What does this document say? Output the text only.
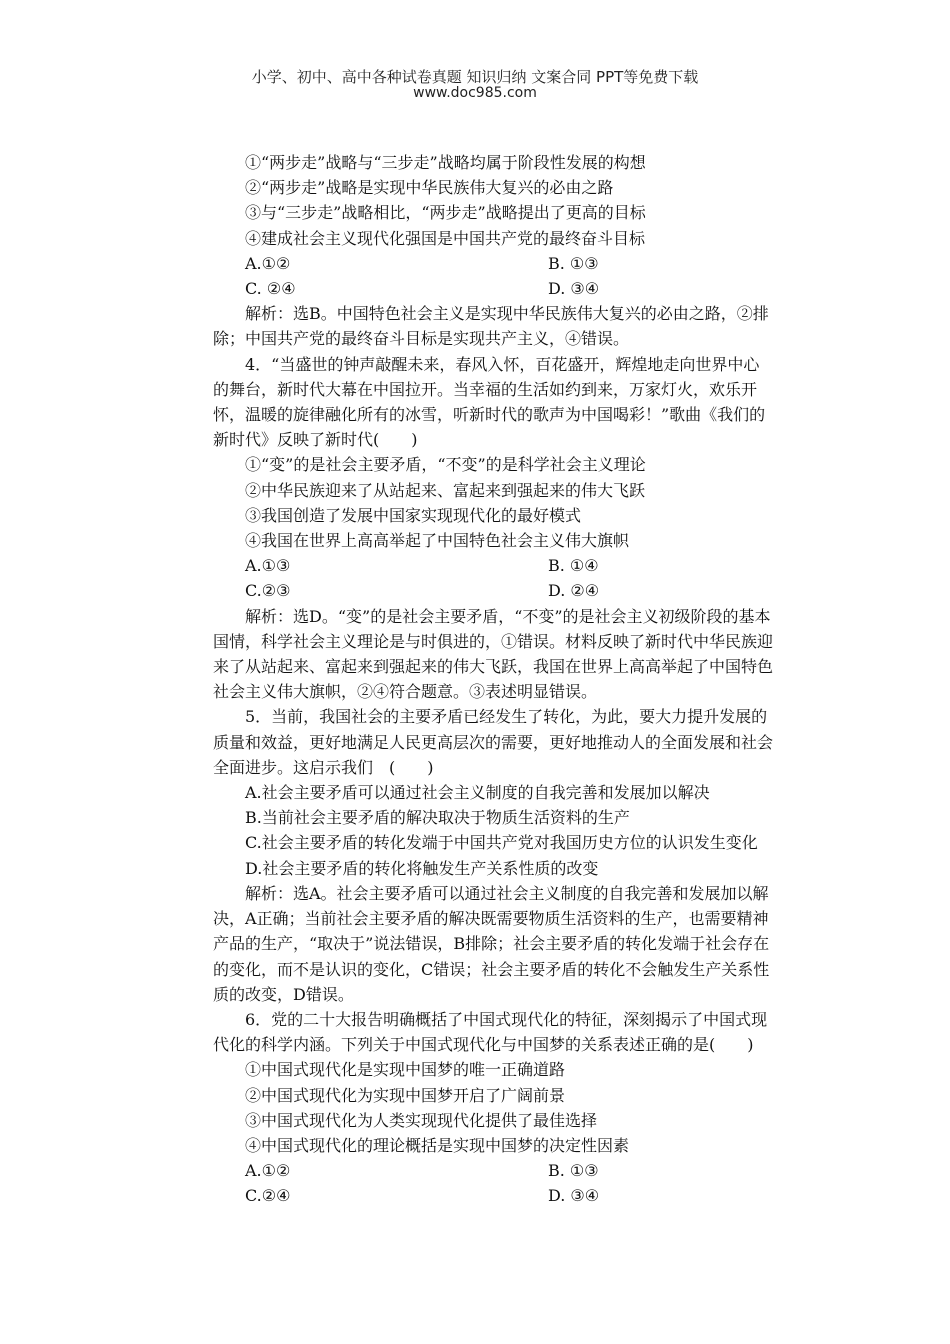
小学、初中、高中各种试卷真题 知识归纳 文案合同 PPT等免费下载
www.doc985.com

①“两步走”战略与“三步走”战略均属于阶段性发展的构想

②“两步走”战略是实现中华民族伟大复兴的必由之路

③与“三步走”战略相比，“两步走”战略提出了更高的目标

④建成社会主义现代化强国是中国共产党的最终奋斗目标

A.①②	B. ①③
C. ②④	D. ③④

解析：选B。中国特色社会主义是实现中华民族伟大复兴的必由之路，②排除；中国共产党的最终奋斗目标是实现共产主义，④错误。

4．“当盛世的钟声敲醒未来，春风入怀，百花盛开，辉煌地走向世界中心的舞台，新时代大幕在中国拉开。当幸福的生活如约到来，万家灯火，欢乐开怀，温暖的旋律融化所有的冰雪，听新时代的歌声为中国喝彩！”歌曲《我们的新时代》反映了新时代(　　)

①“变”的是社会主要矛盾，“不变”的是科学社会主义理论

②中华民族迎来了从站起来、富起来到强起来的伟大飞跃

③我国创造了发展中国家实现现代化的最好模式

④我国在世界上高高举起了中国特色社会主义伟大旗帜

A.①③	B. ①④
C.②③	D. ②④

解析：选D。“变”的是社会主要矛盾，“不变”的是社会主义初级阶段的基本国情，科学社会主义理论是与时俱进的，①错误。材料反映了新时代中华民族迎来了从站起来、富起来到强起来的伟大飞跃，我国在世界上高高举起了中国特色社会主义伟大旗帜，②④符合题意。③表述明显错误。

5．当前，我国社会的主要矛盾已经发生了转化，为此，要大力提升发展的质量和效益，更好地满足人民更高层次的需要，更好地推动人的全面发展和社会全面进步。这启示我们　(　　)

A.社会主要矛盾可以通过社会主义制度的自我完善和发展加以解决

B.当前社会主要矛盾的解决取决于物质生活资料的生产

C.社会主要矛盾的转化发端于中国共产党对我国历史方位的认识发生变化

D.社会主要矛盾的转化将触发生产关系性质的改变

解析：选A。社会主要矛盾可以通过社会主义制度的自我完善和发展加以解决，A正确；当前社会主要矛盾的解决既需要物质生活资料的生产，也需要精神产品的生产，“取决于”说法错误，B排除；社会主要矛盾的转化发端于社会存在的变化，而不是认识的变化，C错误；社会主要矛盾的转化不会触发生产关系性质的改变，D错误。

6．党的二十大报告明确概括了中国式现代化的特征，深刻揭示了中国式现代化的科学内涵。下列关于中国式现代化与中国梦的关系表述正确的是(　　)

①中国式现代化是实现中国梦的唯一正确道路

②中国式现代化为实现中国梦开启了广阔前景

③中国式现代化为人类实现现代化提供了最佳选择

④中国式现代化的理论概括是实现中国梦的决定性因素

A.①②	B. ①③
C.②④	D. ③④
